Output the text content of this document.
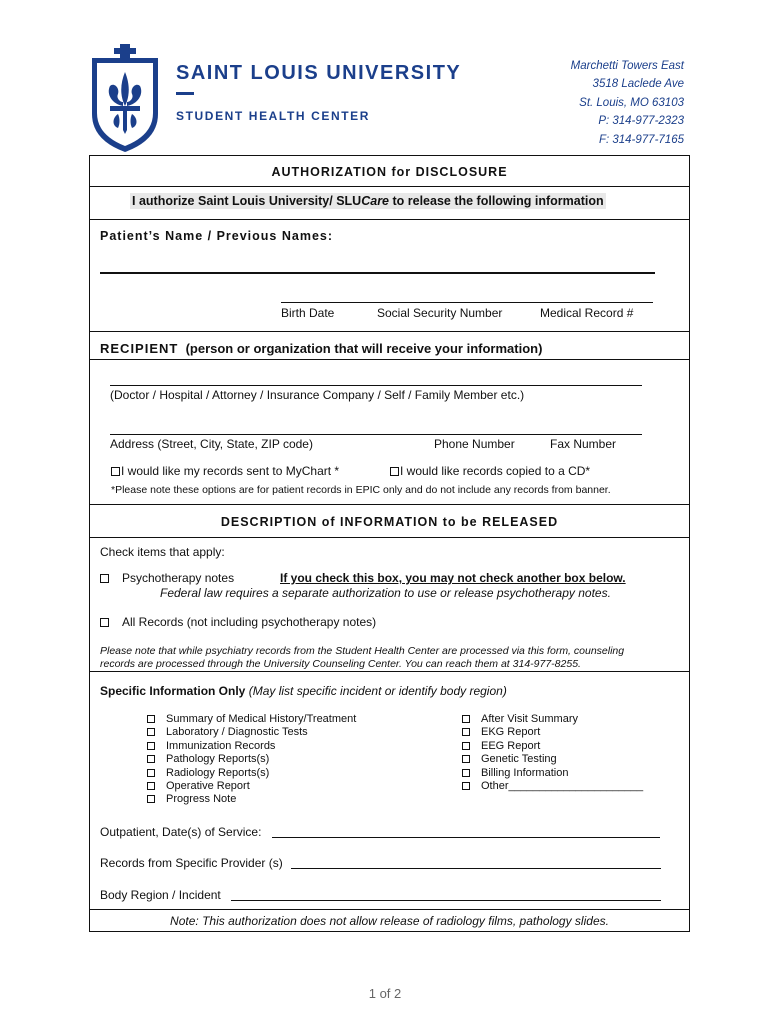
SAINT LOUIS UNIVERSITY
STUDENT HEALTH CENTER
Marchetti Towers East
3518 Laclede Ave
St. Louis, MO 63103
P: 314-977-2323
F: 314-977-7165
AUTHORIZATION for DISCLOSURE
I authorize Saint Louis University/ SLUCare to release the following information
Patient’s Name / Previous Names:
Birth Date	Social Security Number	Medical Record #
RECIPIENT (person or organization that will receive your information)
(Doctor / Hospital / Attorney / Insurance Company / Self / Family Member etc.)
Address (Street, City, State, ZIP code)	Phone Number	Fax Number
I would like my records sent to MyChart *	I would like records copied to a CD*
*Please note these options are for patient records in EPIC only and do not include any records from banner.
DESCRIPTION of INFORMATION to be RELEASED
Check items that apply:
Psychotherapy notes	If you check this box, you may not check another box below.
Federal law requires a separate authorization to use or release psychotherapy notes.
All Records (not including psychotherapy notes)
Please note that while psychiatry records from the Student Health Center are processed via this form, counseling
records are processed through the University Counseling Center. You can reach them at 314-977-8255.
Specific Information Only (May list specific incident or identify body region)
Summary of Medical History/Treatment
Laboratory / Diagnostic Tests
Immunization Records
Pathology Reports(s)
Radiology Reports(s)
Operative Report
Progress Note
After Visit Summary
EKG Report
EEG Report
Genetic Testing
Billing Information
Other______________________
Outpatient, Date(s) of Service:
Records from Specific Provider (s)
Body Region / Incident
Note: This authorization does not allow release of radiology films, pathology slides.
1 of 2
